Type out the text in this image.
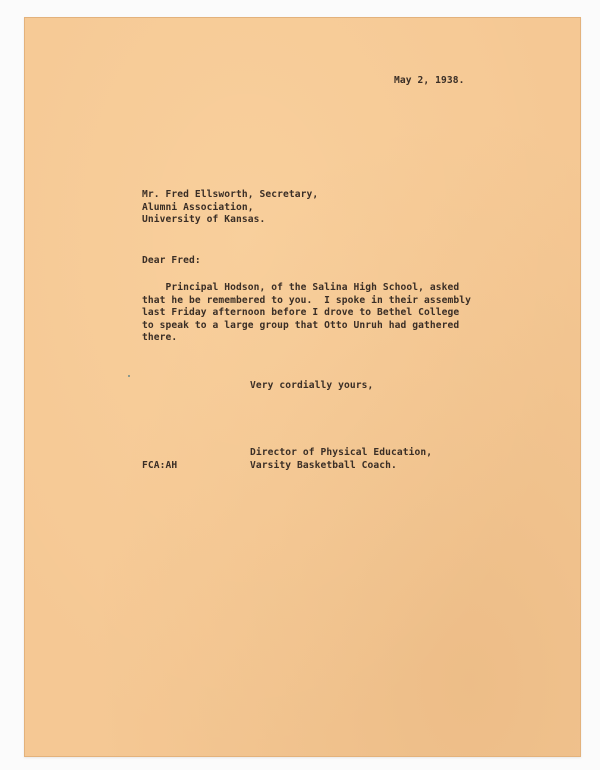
May 2, 1938.
Mr. Fred Ellsworth, Secretary,
Alumni Association,
University of Kansas.
Dear Fred:
Principal Hodson, of the Salina High School, asked
that he be remembered to you.  I spoke in their assembly
last Friday afternoon before I drove to Bethel College
to speak to a large group that Otto Unruh had gathered
there.
Very cordially yours,
Director of Physical Education,
Varsity Basketball Coach.
FCA:AH
